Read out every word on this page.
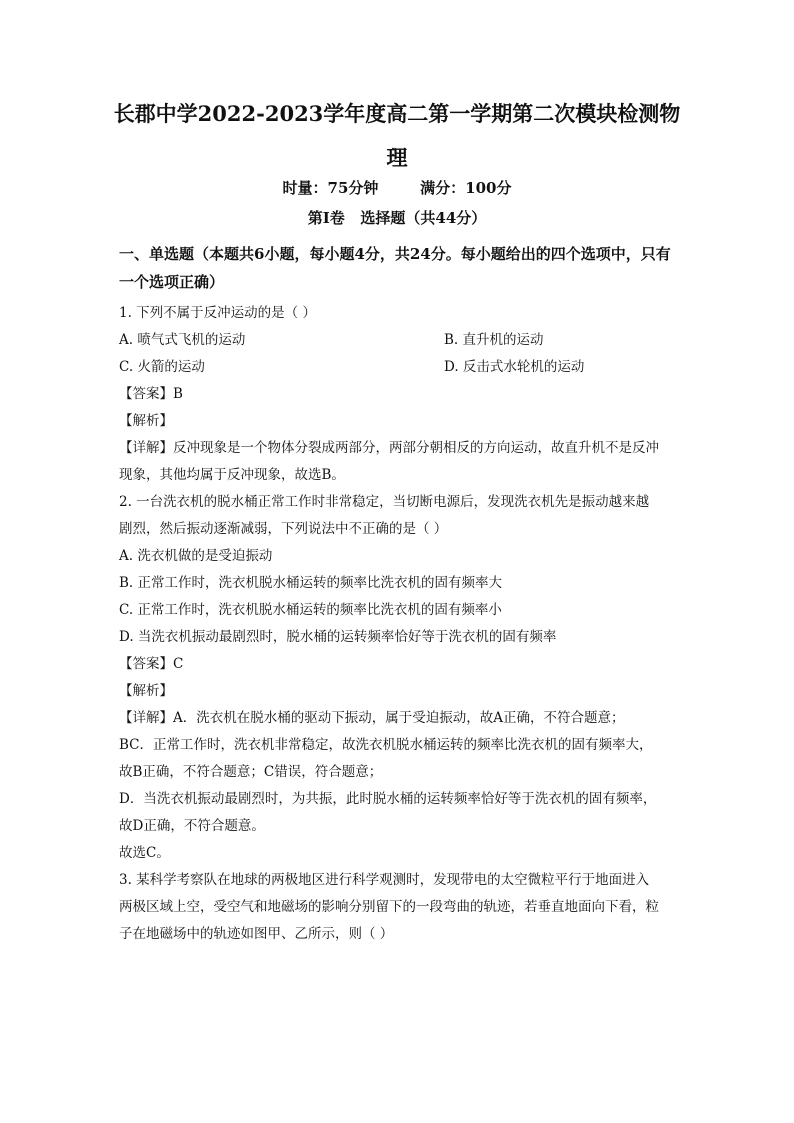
长郡中学2022-2023学年度高二第一学期第二次模块检测物理
时量：75分钟        满分：100分
第Ⅰ卷   选择题（共44分）
一、单选题（本题共6小题，每小题4分，共24分。每小题给出的四个选项中，只有一个选项正确）
1. 下列不属于反冲运动的是（ ）
A. 喷气式飞机的运动	B. 直升机的运动
C. 火箭的运动	D. 反击式水轮机的运动
【答案】B
【解析】
【详解】反冲现象是一个物体分裂成两部分，两部分朝相反的方向运动，故直升机不是反冲
现象，其他均属于反冲现象，故选B。
2. 一台洗衣机的脱水桶正常工作时非常稳定，当切断电源后，发现洗衣机先是振动越来越
剧烈，然后振动逐渐减弱，下列说法中不正确的是（ ）
A. 洗衣机做的是受迫振动
B. 正常工作时，洗衣机脱水桶运转的频率比洗衣机的固有频率大
C. 正常工作时，洗衣机脱水桶运转的频率比洗衣机的固有频率小
D. 当洗衣机振动最剧烈时，脱水桶的运转频率恰好等于洗衣机的固有频率
【答案】C
【解析】
【详解】A．洗衣机在脱水桶的驱动下振动，属于受迫振动，故A正确，不符合题意；
BC．正常工作时，洗衣机非常稳定，故洗衣机脱水桶运转的频率比洗衣机的固有频率大，
故B正确，不符合题意；C错误，符合题意；
D．当洗衣机振动最剧烈时，为共振，此时脱水桶的运转频率恰好等于洗衣机的固有频率，
故D正确，不符合题意。
故选C。
3. 某科学考察队在地球的两极地区进行科学观测时，发现带电的太空微粒平行于地面进入
两极区域上空，受空气和地磁场的影响分别留下的一段弯曲的轨迹，若垂直地面向下看，粒
子在地磁场中的轨迹如图甲、乙所示，则（ ）
